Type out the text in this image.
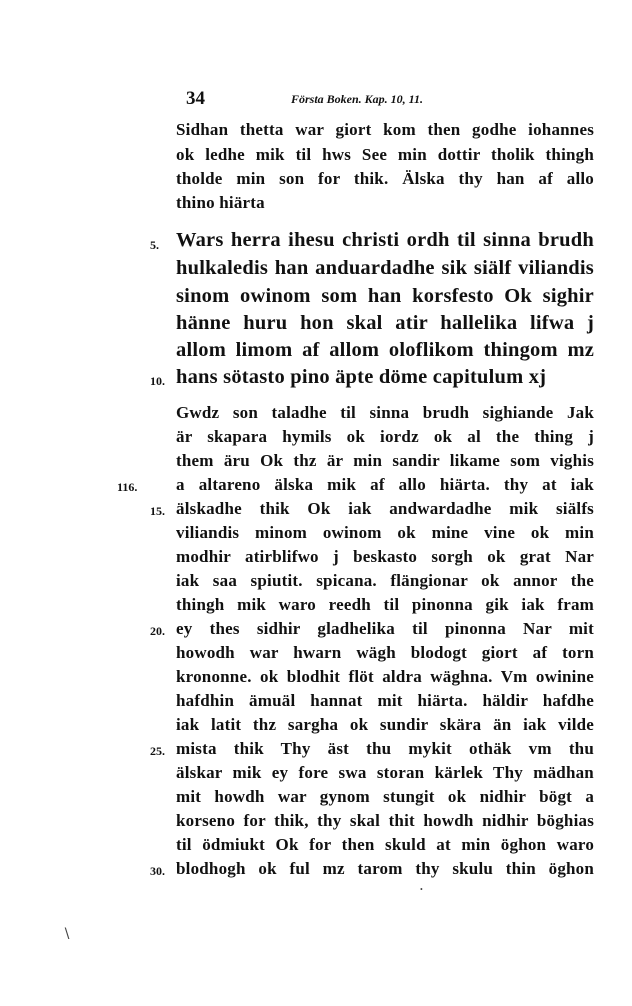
34	Första Boken. Kap. 10, 11.
Sidhan thetta war giort kom then godhe iohannes
ok ledhe mik til hws See min dottir tholik thingh
tholde min son for thik. Älska thy han af allo
thino hiärta
5. Wars herra ihesu christi ordh til sinna brudh
hulkaledis han anduardadhe sik siälf viliandis
sinom owinom som han korsfesto Ok sighir
hänne huru hon skal atir hallelika lifwa j
allom limom af allom oloflikom thingom mz
10. hans sötasto pino äpte döme capitulum xj
Gwdz son taladhe til sinna brudh sighiande Jak
är skapara hymils ok iordz ok al the thing j
them äru Ok thz är min sandir likame som vighis
116. a altareno älska mik af allo hiärta. thy at iak
15. älskadhe thik Ok iak andwardadhe mik siälfs
viliandis minom owinom ok mine vine ok min
modhir atirblifwo j beskasto sorgh ok grat Nar
iak saa spiutit. spicana. flängionar ok annor the
thingh mik waro reedh til pinonna gik iak fram
20. ey thes sidhir gladhelika til pinonna Nar mit
howodh war hwarn wägh blodogt giort af torn
krononne. ok blodhit flöt aldra wäghna. Vm owinine
hafdhin ämuäl hannat mit hiärta. häldir hafdhe
iak latit thz sargha ok sundir skära än iak vilde
25. mista thik Thy äst thu mykit othäk vm thu
älskar mik ey fore swa storan kärlek Thy mädhan
mit howdh war gynom stungit ok nidhir bögt a
korseno for thik, thy skal thit howdh nidhir böghias
til ödmiukt Ok for then skuld at min öghon waro
30. blodhogh ok ful mz tarom thy skulu thin öghon
∖
•
